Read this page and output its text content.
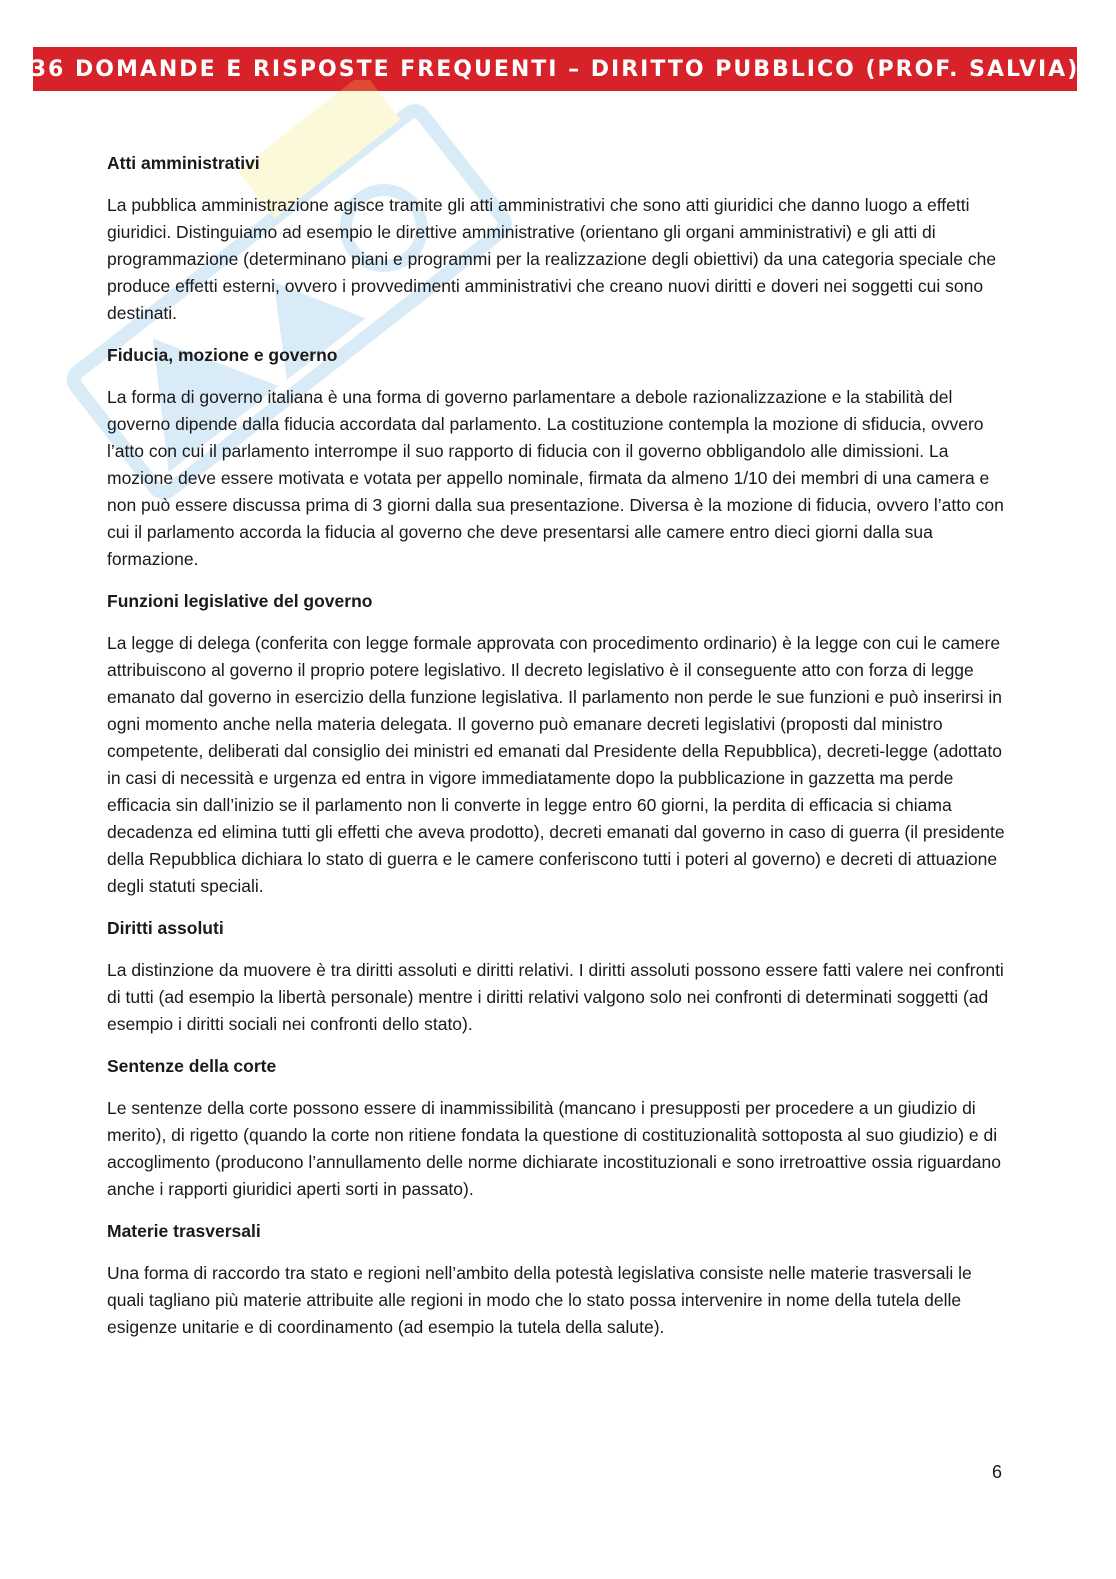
36 DOMANDE E RISPOSTE FREQUENTI – DIRITTO PUBBLICO (PROF. SALVIA)
Atti amministrativi
La pubblica amministrazione agisce tramite gli atti amministrativi che sono atti giuridici che danno luogo a effetti giuridici. Distinguiamo ad esempio le direttive amministrative (orientano gli organi amministrativi) e gli atti di programmazione (determinano piani e programmi per la realizzazione degli obiettivi) da una categoria speciale che produce effetti esterni, ovvero i provvedimenti amministrativi che creano nuovi diritti e doveri nei soggetti cui sono destinati.
Fiducia, mozione e governo
La forma di governo italiana è una forma di governo parlamentare a debole razionalizzazione e la stabilità del governo dipende dalla fiducia accordata dal parlamento. La costituzione contempla la mozione di sfiducia, ovvero l’atto con cui il parlamento interrompe il suo rapporto di fiducia con il governo obbligandolo alle dimissioni. La mozione deve essere motivata e votata per appello nominale, firmata da almeno 1/10 dei membri di una camera e non può essere discussa prima di 3 giorni dalla sua presentazione. Diversa è la mozione di fiducia, ovvero l’atto con cui il parlamento accorda la fiducia al governo che deve presentarsi alle camere entro dieci giorni dalla sua formazione.
Funzioni legislative del governo
La legge di delega (conferita con legge formale approvata con procedimento ordinario) è la legge con cui le camere attribuiscono al governo il proprio potere legislativo. Il decreto legislativo è il conseguente atto con forza di legge emanato dal governo in esercizio della funzione legislativa. Il parlamento non perde le sue funzioni e può inserirsi in ogni momento anche nella materia delegata. Il governo può emanare decreti legislativi (proposti dal ministro competente, deliberati dal consiglio dei ministri ed emanati dal Presidente della Repubblica), decreti-legge (adottato in casi di necessità e urgenza ed entra in vigore immediatamente dopo la pubblicazione in gazzetta ma perde efficacia sin dall’inizio se il parlamento non li converte in legge entro 60 giorni, la perdita di efficacia si chiama decadenza ed elimina tutti gli effetti che aveva prodotto), decreti emanati dal governo in caso di guerra (il presidente della Repubblica dichiara lo stato di guerra e le camere conferiscono tutti i poteri al governo) e decreti di attuazione degli statuti speciali.
Diritti assoluti
La distinzione da muovere è tra diritti assoluti e diritti relativi. I diritti assoluti possono essere fatti valere nei confronti di tutti (ad esempio la libertà personale) mentre i diritti relativi valgono solo nei confronti di determinati soggetti (ad esempio i diritti sociali nei confronti dello stato).
Sentenze della corte
Le sentenze della corte possono essere di inammissibilità (mancano i presupposti per procedere a un giudizio di merito), di rigetto (quando la corte non ritiene fondata la questione di costituzionalità sottoposta al suo giudizio) e di accoglimento (producono l’annullamento delle norme dichiarate incostituzionali e sono irretroattive ossia riguardano anche i rapporti giuridici aperti sorti in passato).
Materie trasversali
Una forma di raccordo tra stato e regioni nell’ambito della potestà legislativa consiste nelle materie trasversali le quali tagliano più materie attribuite alle regioni in modo che lo stato possa intervenire in nome della tutela delle esigenze unitarie e di coordinamento (ad esempio la tutela della salute).
6
